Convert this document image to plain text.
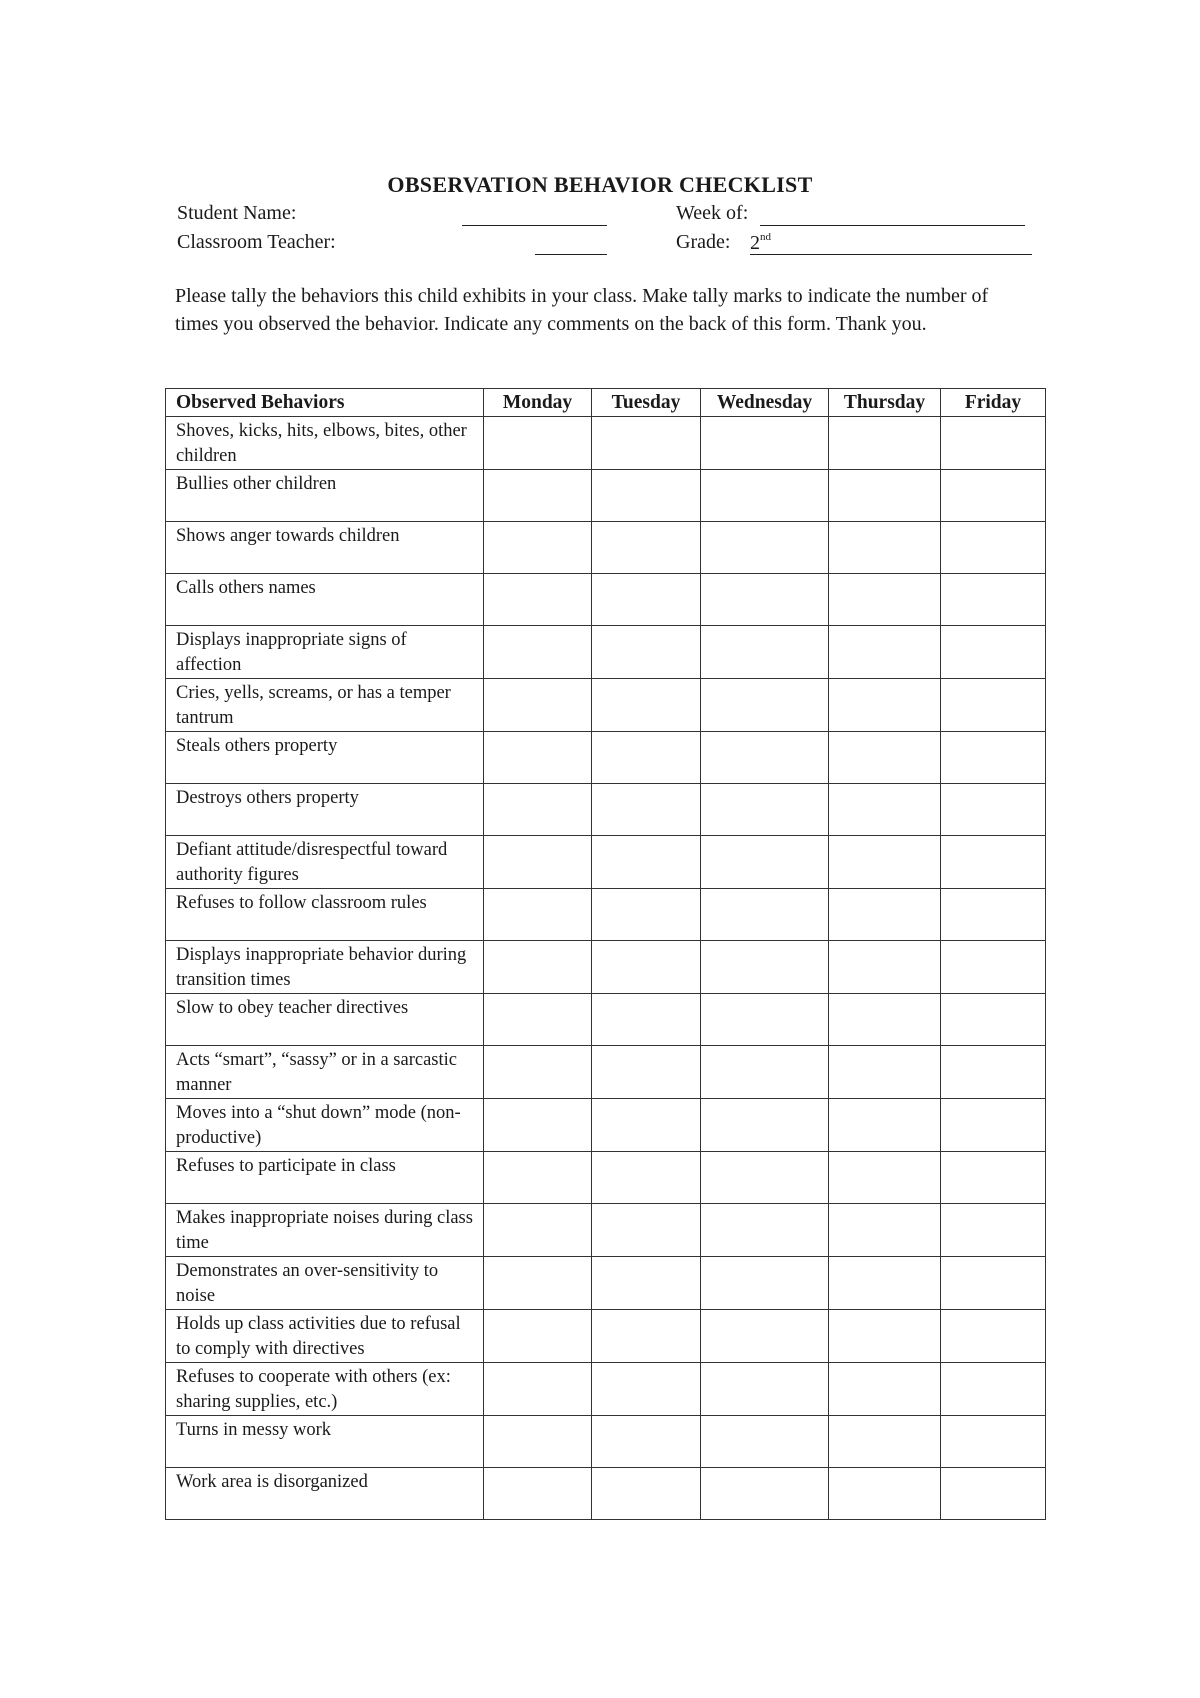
OBSERVATION BEHAVIOR CHECKLIST
Student Name:
Classroom Teacher:
Week of:
Grade: 2nd
Please tally the behaviors this child exhibits in your class. Make tally marks to indicate the number of times you observed the behavior. Indicate any comments on the back of this form. Thank you.
Observed Behaviors	Monday	Tuesday	Wednesday	Thursday	Friday
Shoves, kicks, hits, elbows, bites, other children					
Bullies other children					
Shows anger towards children					
Calls others names					
Displays inappropriate signs of affection					
Cries, yells, screams, or has a temper tantrum					
Steals others property					
Destroys others property					
Defiant attitude/disrespectful toward authority figures					
Refuses to follow classroom rules					
Displays inappropriate behavior during transition times					
Slow to obey teacher directives					
Acts “smart”, “sassy” or in a sarcastic manner					
Moves into a “shut down” mode (non-productive)					
Refuses to participate in class					
Makes inappropriate noises during class time					
Demonstrates an over-sensitivity to noise					
Holds up class activities due to refusal to comply with directives					
Refuses to cooperate with others (ex: sharing supplies, etc.)					
Turns in messy work					
Work area is disorganized					
